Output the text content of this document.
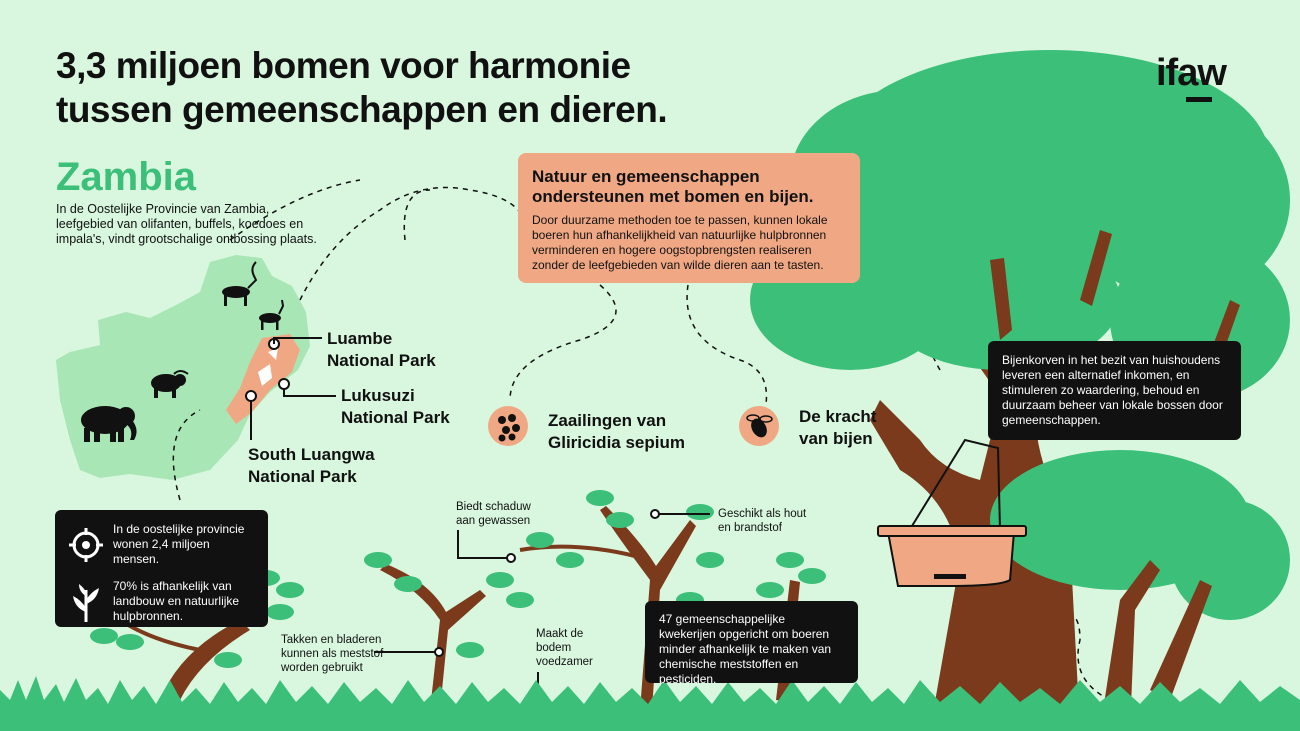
3,3 miljoen bomen voor harmonie
tussen gemeenschappen en dieren.
ifaw
Zambia
In de Oostelijke Provincie van Zambia, leefgebied van olifanten, buffels, koedoes en impala's, vindt grootschalige ontbossing plaats.
Luambe
National Park
Lukusuzi
National Park
South Luangwa
National Park
Natuur en gemeenschappen
ondersteunen met bomen en bijen.

Door duurzame methoden toe te passen, kunnen lokale boeren hun afhankelijkheid van natuurlijke hulpbronnen verminderen en hogere oogstopbrengsten realiseren zonder de leefgebieden van wilde dieren aan te tasten.

Zaailingen van
Gliricidia sepium
De kracht
van bijen
Bijenkorven in het bezit van huishoudens leveren een alternatief inkomen, en stimuleren zo waardering, behoud en duurzaam beheer van lokale bossen door gemeenschappen.
In de oostelijke provincie wonen 2,4 miljoen mensen.
70% is afhankelijk van landbouw en natuurlijke hulpbronnen.
Biedt schaduw
aan gewassen
Geschikt als hout
en brandstof
Takken en bladeren
kunnen als meststof
worden gebruikt
Maakt de
bodem
voedzamer
47 gemeenschappelijke kwekerijen opgericht om boeren minder afhankelijk te maken van chemische meststoffen en pesticiden.
